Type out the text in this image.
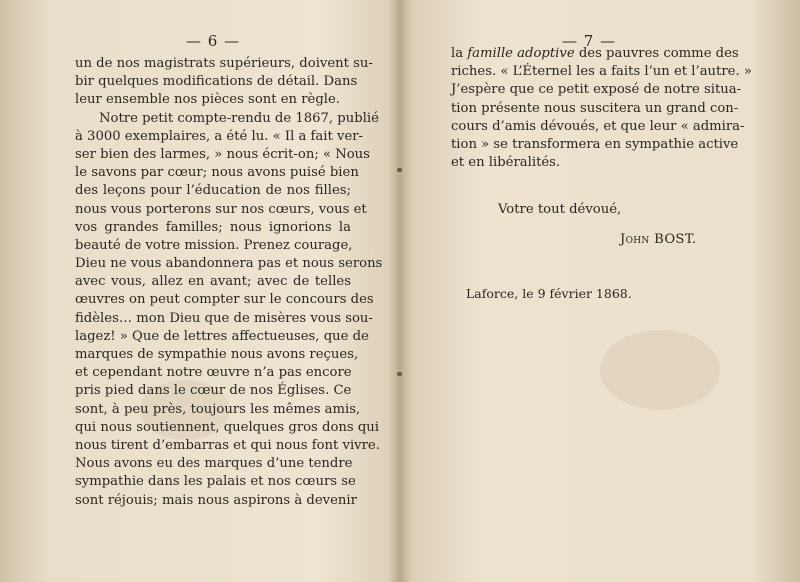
— 6 —
un de nos magistrats supérieurs, doivent su-
bir quelques modifications de détail. Dans
leur ensemble nos pièces sont en règle.
Notre petit compte-rendu de 1867, publié
à 3000 exemplaires, a été lu. « Il a fait ver-
ser bien des larmes, » nous écrit-on; « Nous
le savons par cœur; nous avons puisé bien
des leçons pour l’éducation de nos filles;
nous vous porterons sur nos cœurs, vous et
vos grandes familles; nous ignorions la
beauté de votre mission. Prenez courage,
Dieu ne vous abandonnera pas et nous serons
avec vous, allez en avant; avec de telles
œuvres on peut compter sur le concours des
fidèles… mon Dieu que de misères vous sou-
lagez! » Que de lettres affectueuses, que de
marques de sympathie nous avons reçues,
et cependant notre œuvre n’a pas encore
pris pied dans le cœur de nos Églises. Ce
sont, à peu près, toujours les mêmes amis,
qui nous soutiennent, quelques gros dons qui
nous tirent d’embarras et qui nous font vivre.
Nous avons eu des marques d’une tendre
sympathie dans les palais et nos cœurs se
sont réjouis; mais nous aspirons à devenir
— 7 —
la famille adoptive des pauvres comme des
riches. « L’Éternel les a faits l’un et l’autre. »
J’espère que ce petit exposé de notre situa-
tion présente nous suscitera un grand con-
cours d’amis dévoués, et que leur « admira-
tion » se transformera en sympathie active
et en libéralités.
Votre tout dévoué,
John BOST.
Laforce, le 9 février 1868.
